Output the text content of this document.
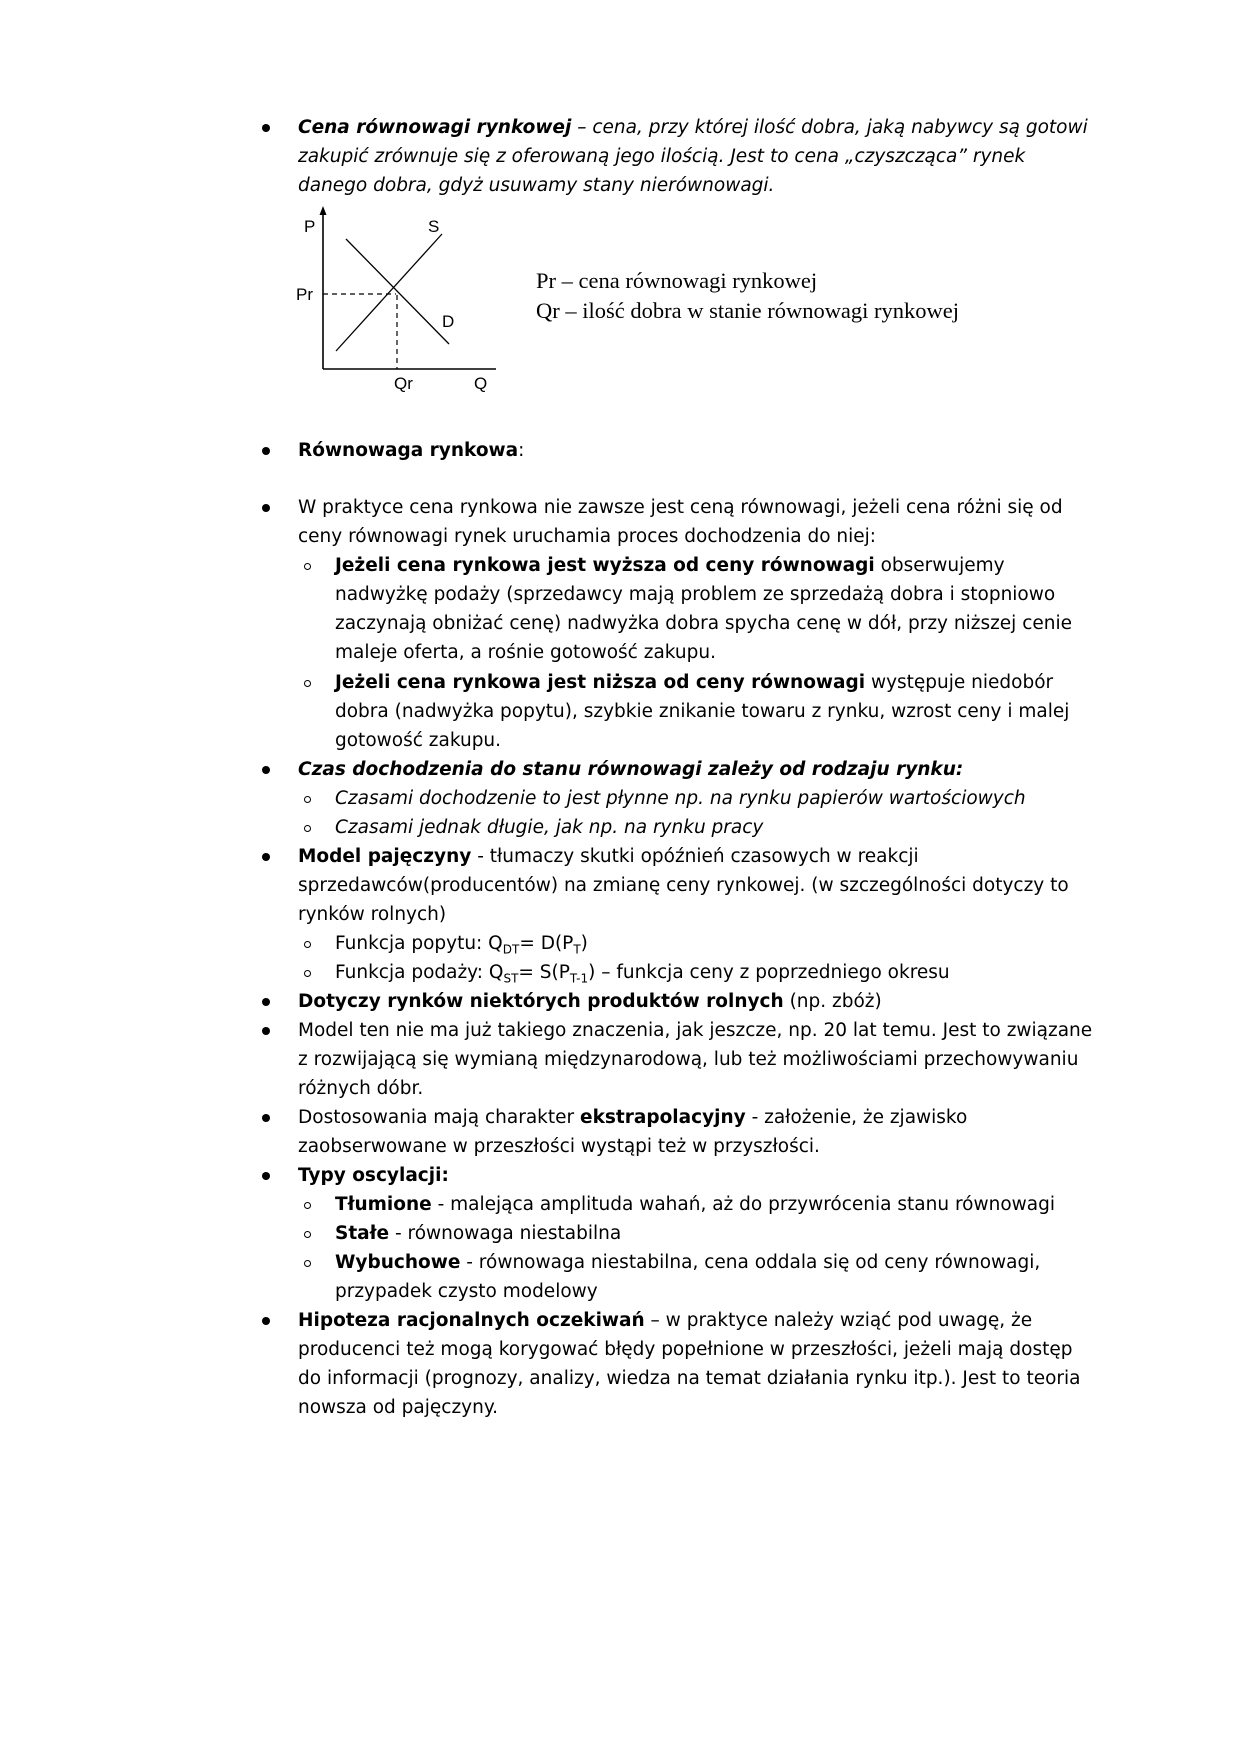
Cena równowagi rynkowej – cena, przy której ilość dobra, jaką nabywcy są gotowi zakupić zrównuje się z oferowaną jego ilością. Jest to cena „czyszcząca” rynek danego dobra, gdyż usuwamy stany nierównowagi.
P	S
Pr
D
Qr	Q
Pr – cena równowagi rynkowej
Qr – ilość dobra w stanie równowagi rynkowej
Równowaga rynkowa:
W praktyce cena rynkowa nie zawsze jest ceną równowagi, jeżeli cena różni się od ceny równowagi rynek uruchamia proces dochodzenia do niej:
Jeżeli cena rynkowa jest wyższa od ceny równowagi obserwujemy nadwyżkę podaży (sprzedawcy mają problem ze sprzedażą dobra i stopniowo zaczynają obniżać cenę) nadwyżka dobra spycha cenę w dół, przy niższej cenie maleje oferta, a rośnie gotowość zakupu.
Jeżeli cena rynkowa jest niższa od ceny równowagi występuje niedobór dobra (nadwyżka popytu), szybkie znikanie towaru z rynku, wzrost ceny i malej gotowość zakupu.
Czas dochodzenia do stanu równowagi zależy od rodzaju rynku:
Czasami dochodzenie to jest płynne np. na rynku papierów wartościowych
Czasami jednak długie, jak np. na rynku pracy
Model pajęczyny - tłumaczy skutki opóźnień czasowych w reakcji sprzedawców(producentów) na zmianę ceny rynkowej. (w szczególności dotyczy to rynków rolnych)
Funkcja popytu: $Q_{DT}= D(P_T)$
Funkcja podaży: $Q_{ST}= S(P_{T-1})$ – funkcja ceny z poprzedniego okresu
Dotyczy rynków niektórych produktów rolnych (np. zbóż)
Model ten nie ma już takiego znaczenia, jak jeszcze, np. 20 lat temu. Jest to związane z rozwijającą się wymianą międzynarodową, lub też możliwościami przechowywaniu różnych dóbr.
Dostosowania mają charakter ekstrapolacyjny - założenie, że zjawisko zaobserwowane w przeszłości wystąpi też w przyszłości.
Typy oscylacji:
Tłumione - malejąca amplituda wahań, aż do przywrócenia stanu równowagi
Stałe - równowaga niestabilna
Wybuchowe - równowaga niestabilna, cena oddala się od ceny równowagi, przypadek czysto modelowy
Hipoteza racjonalnych oczekiwań – w praktyce należy wziąć pod uwagę, że producenci też mogą korygować błędy popełnione w przeszłości, jeżeli mają dostęp do informacji (prognozy, analizy, wiedza na temat działania rynku itp.). Jest to teoria nowsza od pajęczyny.
